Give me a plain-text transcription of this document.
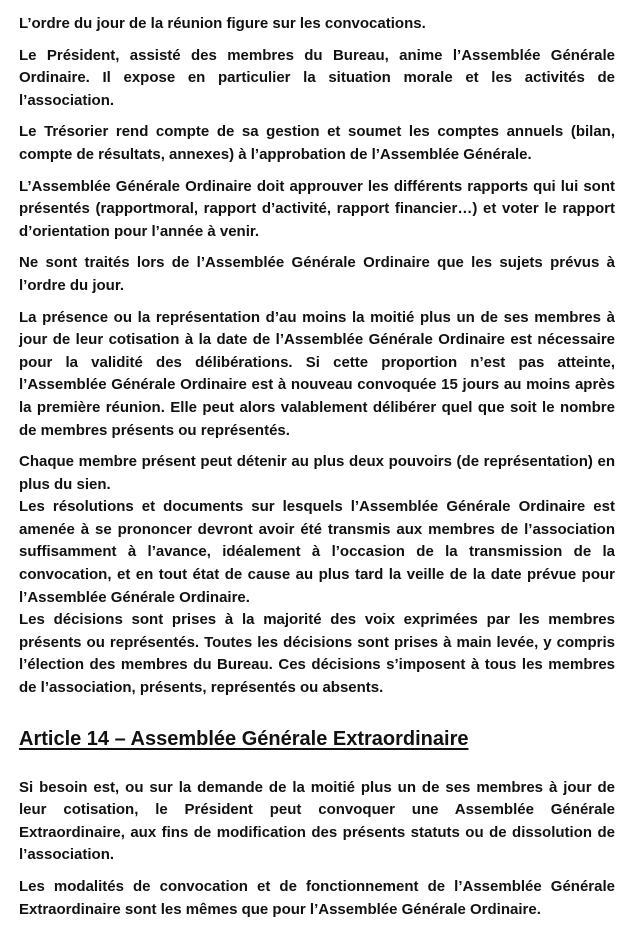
L’ordre du jour de la réunion figure sur les convocations.

Le Président, assisté des membres du Bureau, anime l’Assemblée Générale Ordinaire. Il expose en particulier la situation morale et les activités de l’association.

Le Trésorier rend compte de sa gestion et soumet les comptes annuels (bilan, compte de résultats, annexes) à l’approbation de l’Assemblée Générale.

L’Assemblée Générale Ordinaire doit approuver les différents rapports qui lui sont présentés (rapportmoral, rapport d’activité, rapport financier…) et voter le rapport d’orientation pour l’année à venir.

Ne sont traités lors de l’Assemblée Générale Ordinaire que les sujets prévus à l’ordre du jour.

La présence ou la représentation d’au moins la moitié plus un de ses membres à jour de leur cotisation à la date de l’Assemblée Générale Ordinaire est nécessaire pour la validité des délibérations. Si cette proportion n’est pas atteinte, l’Assemblée Générale Ordinaire est à nouveau convoquée 15 jours au moins après la première réunion. Elle peut alors valablement délibérer quel que soit le nombre de membres présents ou représentés.

Chaque membre présent peut détenir au plus deux pouvoirs (de représentation) en plus du sien.

Les résolutions et documents sur lesquels l’Assemblée Générale Ordinaire est amenée à se prononcer devront avoir été transmis aux membres de l’association suffisamment à l’avance, idéalement à l’occasion de la transmission de la convocation, et en tout état de cause au plus tard la veille de la date prévue pour l’Assemblée Générale Ordinaire.

Les décisions sont prises à la majorité des voix exprimées par les membres présents ou représentés. Toutes les décisions sont prises à main levée, y compris l’élection des membres du Bureau. Ces décisions s’imposent à tous les membres de l’association, présents, représentés ou absents.

Article 14 – Assemblée Générale Extraordinaire

Si besoin est, ou sur la demande de la moitié plus un de ses membres à jour de leur cotisation, le Président peut convoquer une Assemblée Générale Extraordinaire, aux fins de modification des présents statuts ou de dissolution de l’association.

Les modalités de convocation et de fonctionnement de l’Assemblée Générale Extraordinaire sont les mêmes que pour l’Assemblée Générale Ordinaire.
